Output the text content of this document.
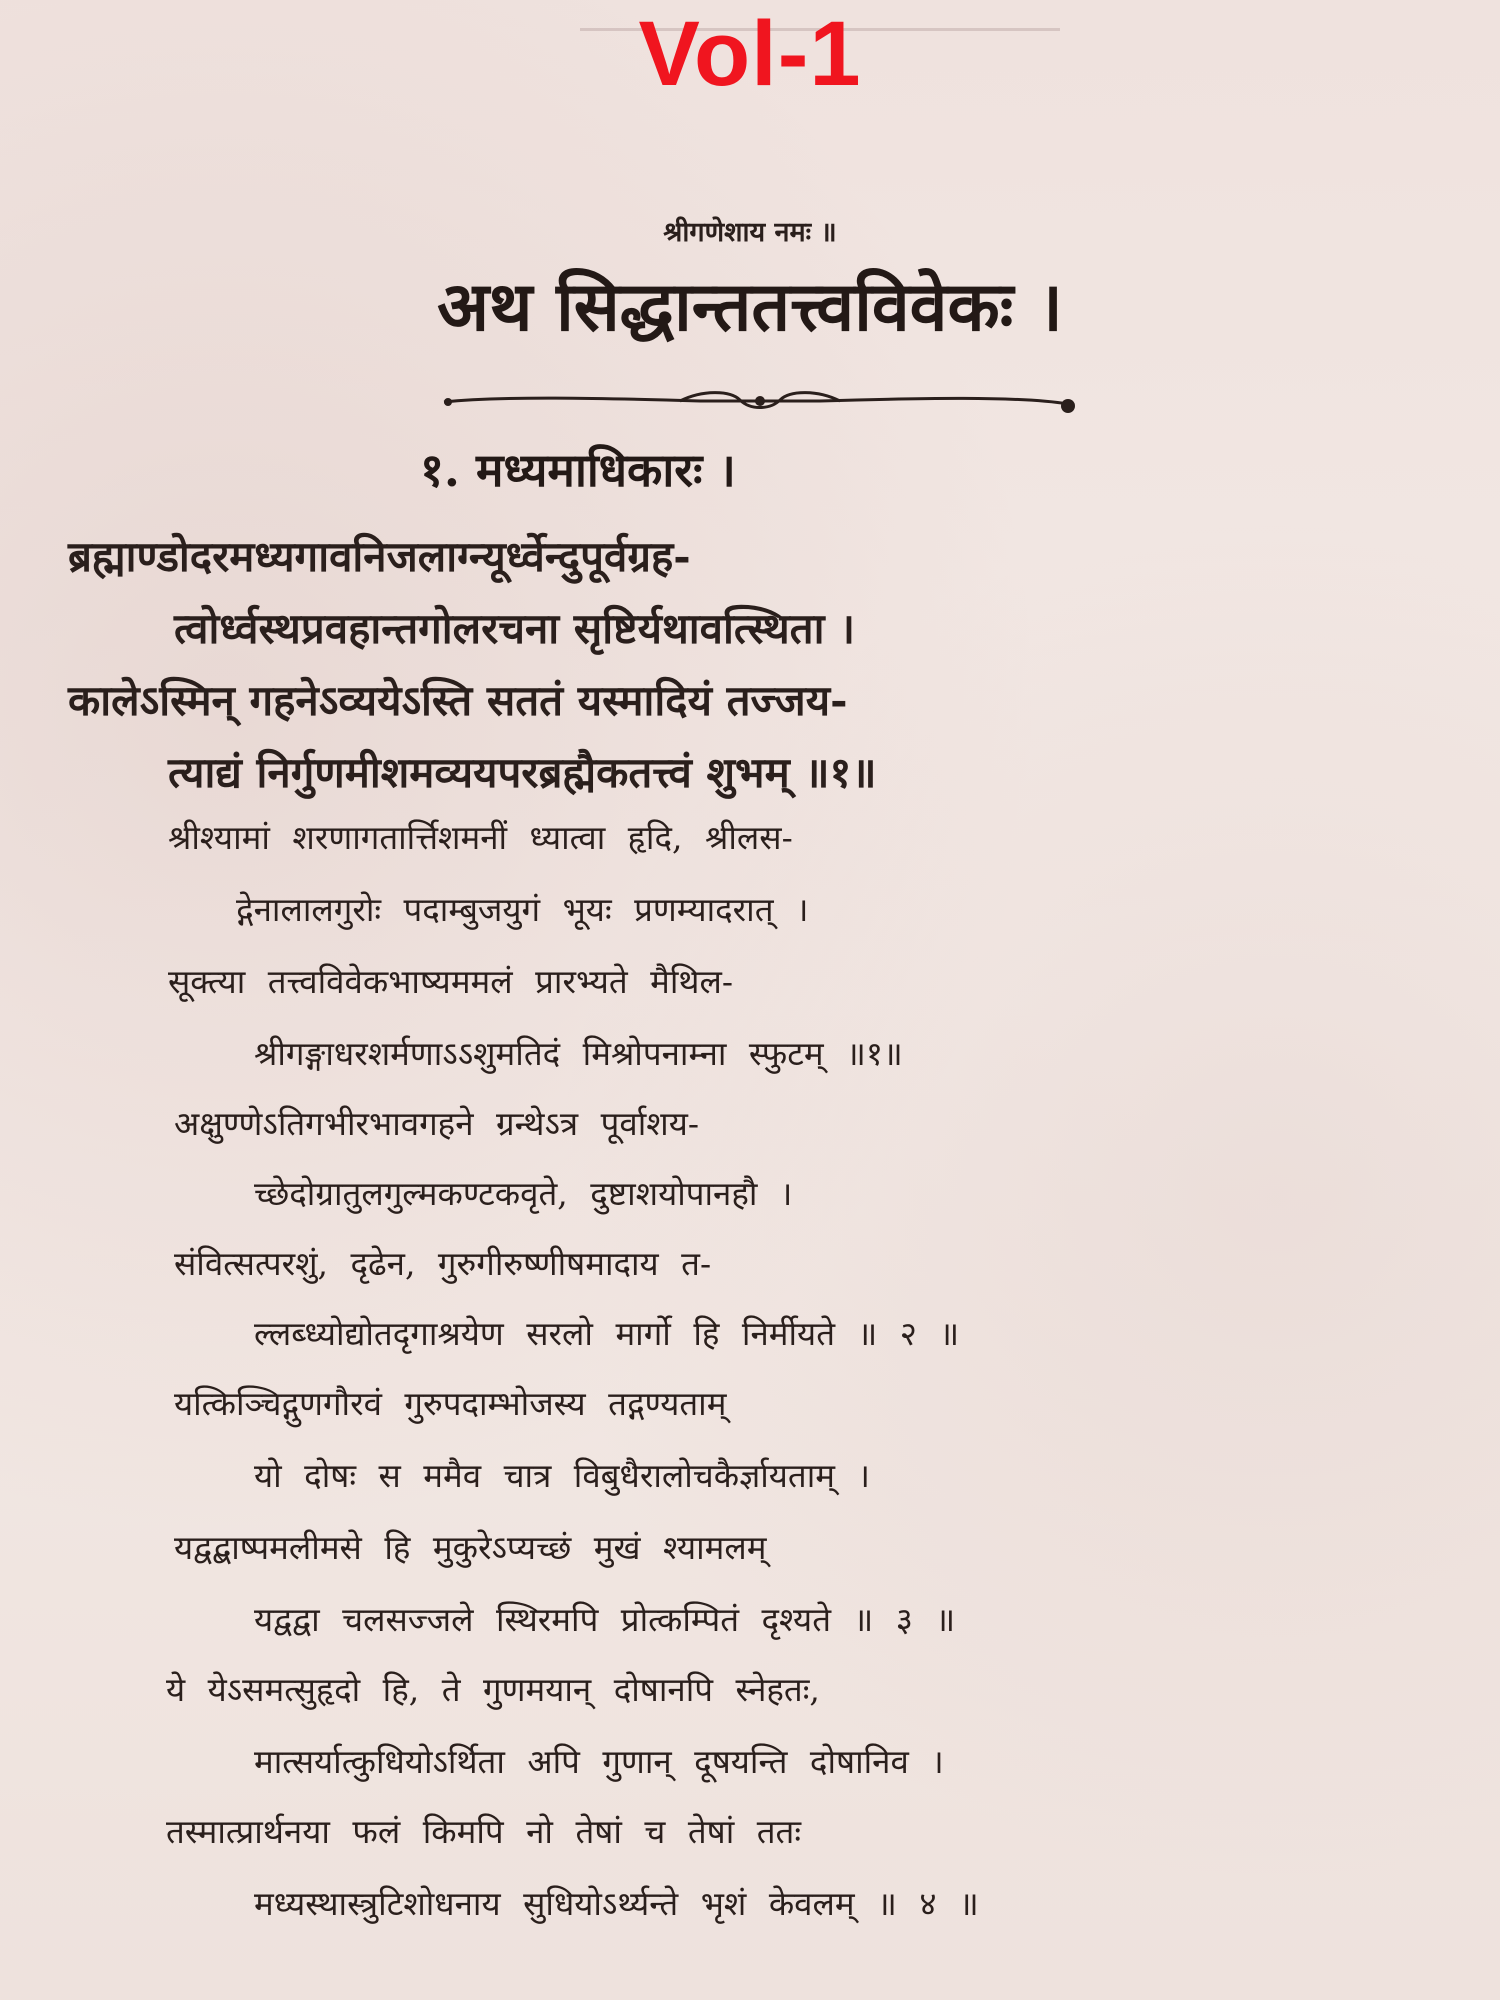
Vol-1
श्रीगणेशाय नमः ॥
अथ सिद्धान्ततत्त्वविवेकः ।
१. मध्यमाधिकारः ।
ब्रह्माण्डोदरमध्यगावनिजलाग्न्यूर्ध्वेन्दुपूर्वग्रह-
त्वोर्ध्वस्थप्रवहान्तगोलरचना सृष्टिर्यथावत्स्थिता ।
कालेऽस्मिन् गहनेऽव्ययेऽस्ति सततं यस्मादियं तज्जय-
त्याद्यं निर्गुणमीशमव्ययपरब्रह्मैकतत्त्वं शुभम् ॥१॥
श्रीश्यामां शरणागतार्त्तिशमनीं ध्यात्वा हृदि, श्रीलस-
द्गेनालालगुरोः पदाम्बुजयुगं भूयः प्रणम्यादरात् ।
सूक्त्या तत्त्वविवेकभाष्यममलं प्रारभ्यते मैथिल-
श्रीगङ्गाधरशर्मणाऽऽशुमतिदं मिश्रोपनाम्ना स्फुटम् ॥१॥
अक्षुण्णेऽतिगभीरभावगहने ग्रन्थेऽत्र पूर्वाशय-
च्छेदोग्रातुलगुल्मकण्टकवृते, दुष्टाशयोपानहौ ।
संवित्सत्परशुं, दृढेन, गुरुगीरुष्णीषमादाय त-
ल्लब्ध्योद्योतदृगाश्रयेण सरलो मार्गो हि निर्मीयते ॥ २ ॥
यत्किञ्चिद्गुणगौरवं गुरुपदाम्भोजस्य तद्गण्यताम्
यो दोषः स ममैव चात्र विबुधैरालोचकैर्ज्ञायताम् ।
यद्वद्बाष्पमलीमसे हि मुकुरेऽप्यच्छं मुखं श्यामलम्
यद्वद्वा चलसज्जले स्थिरमपि प्रोत्कम्पितं दृश्यते ॥ ३ ॥
ये येऽसमत्सुहृदो हि, ते गुणमयान् दोषानपि स्नेहतः,
मात्सर्यात्कुधियोऽर्थिता अपि गुणान् दूषयन्ति दोषानिव ।
तस्मात्प्रार्थनया फलं किमपि नो तेषां च तेषां ततः
मध्यस्थास्त्रुटिशोधनाय सुधियोऽर्थ्यन्ते भृशं केवलम् ॥ ४ ॥
